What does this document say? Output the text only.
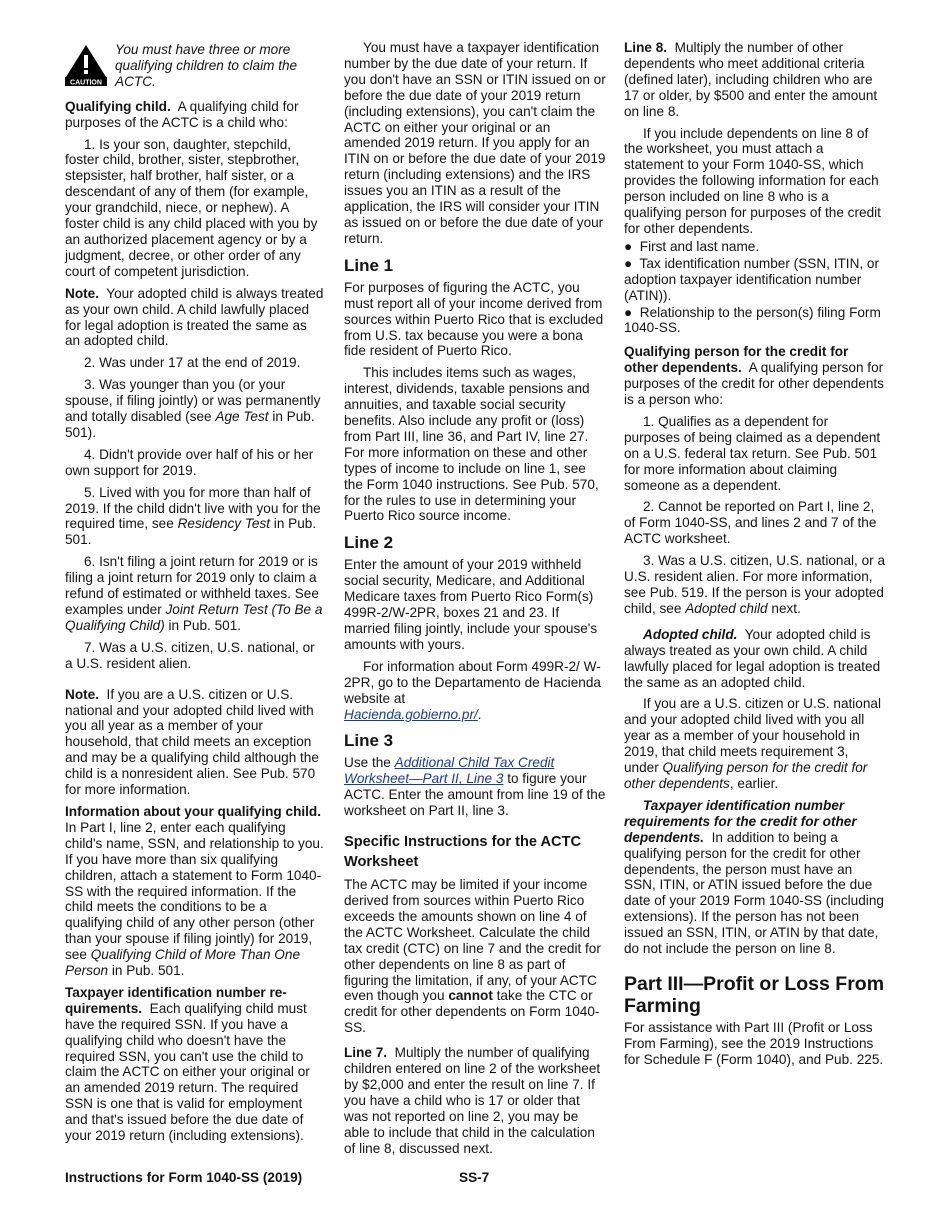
CAUTION
You must have three or more qualifying children to claim the ACTC.

Qualifying child. A qualifying child for purposes of the ACTC is a child who:

1. Is your son, daughter, stepchild, foster child, brother, sister, stepbrother, stepsister, half brother, half sister, or a descendant of any of them (for example, your grandchild, niece, or nephew). A foster child is any child placed with you by an authorized placement agency or by a judgment, decree, or other order of any court of competent jurisdiction.

Note. Your adopted child is always treated as your own child. A child lawfully placed for legal adoption is treated the same as an adopted child.

2. Was under 17 at the end of 2019.

3. Was younger than you (or your spouse, if filing jointly) or was permanently and totally disabled (see Age Test in Pub. 501).

4. Didn't provide over half of his or her own support for 2019.

5. Lived with you for more than half of 2019. If the child didn't live with you for the required time, see Residency Test in Pub. 501.

6. Isn't filing a joint return for 2019 or is filing a joint return for 2019 only to claim a refund of estimated or withheld taxes. See examples under Joint Return Test (To Be a Qualifying Child) in Pub. 501.

7. Was a U.S. citizen, U.S. national, or a U.S. resident alien.

Note. If you are a U.S. citizen or U.S. national and your adopted child lived with you all year as a member of your household, that child meets an exception and may be a qualifying child although the child is a nonresident alien. See Pub. 570 for more information.

Information about your qualifying child.  In Part I, line 2, enter each qualifying child's name, SSN, and relationship to you. If you have more than six qualifying children, attach a statement to Form 1040-SS with the required information. If the child meets the conditions to be a qualifying child of any other person (other than your spouse if filing jointly) for 2019, see Qualifying Child of More Than One Person in Pub. 501.

Taxpayer identification number re-quirements. Each qualifying child must have the required SSN. If you have a qualifying child who doesn't have the required SSN, you can't use the child to claim the ACTC on either your original or an amended 2019 return. The required SSN is one that is valid for employment and that's issued before the due date of your 2019 return (including extensions).

You must have a taxpayer identification number by the due date of your return. If you don't have an SSN or ITIN issued on or before the due date of your 2019 return (including extensions), you can't claim the ACTC on either your original or an amended 2019 return. If you apply for an ITIN on or before the due date of your 2019 return (including extensions) and the IRS issues you an ITIN as a result of the application, the IRS will consider your ITIN as issued on or before the due date of your return.

Line 1

For purposes of figuring the ACTC, you must report all of your income derived from sources within Puerto Rico that is excluded from U.S. tax because you were a bona fide resident of Puerto Rico.

This includes items such as wages, interest, dividends, taxable pensions and annuities, and taxable social security benefits. Also include any profit or (loss) from Part III, line 36, and Part IV, line 27. For more information on these and other types of income to include on line 1, see the Form 1040 instructions. See Pub. 570, for the rules to use in determining your Puerto Rico source income.

Line 2

Enter the amount of your 2019 withheld social security, Medicare, and Additional Medicare taxes from Puerto Rico Form(s) 499R-2/W-2PR, boxes 21 and 23. If married filing jointly, include your spouse's amounts with yours.

For information about Form 499R-2/ W-2PR, go to the Departamento de Hacienda website at
Hacienda.gobierno.pr/.

Line 3

Use the Additional Child Tax Credit Worksheet—Part II, Line 3 to figure your ACTC. Enter the amount from line 19 of the worksheet on Part II, line 3.

Specific Instructions for the ACTC Worksheet

The ACTC may be limited if your income derived from sources within Puerto Rico exceeds the amounts shown on line 4 of the ACTC Worksheet. Calculate the child tax credit (CTC) on line 7 and the credit for other dependents on line 8 as part of figuring the limitation, if any, of your ACTC even though you cannot take the CTC or credit for other dependents on Form 1040-SS.

Line 7. Multiply the number of qualifying children entered on line 2 of the worksheet by $2,000 and enter the result on line 7. If you have a child who is 17 or older that was not reported on line 2, you may be able to include that child in the calculation of line 8, discussed next.

Line 8. Multiply the number of other dependents who meet additional criteria (defined later), including children who are 17 or older, by $500 and enter the amount on line 8.

If you include dependents on line 8 of the worksheet, you must attach a statement to your Form 1040-SS, which provides the following information for each person included on line 8 who is a qualifying person for purposes of the credit for other dependents.

●  First and last name.

●  Tax identification number (SSN, ITIN, or adoption taxpayer identification number (ATIN)).

●  Relationship to the person(s) filing Form 1040-SS.

Qualifying person for the credit for other dependents. A qualifying person for purposes of the credit for other dependents is a person who:

1. Qualifies as a dependent for purposes of being claimed as a dependent on a U.S. federal tax return. See Pub. 501 for more information about claiming someone as a dependent.

2. Cannot be reported on Part I, line 2, of Form 1040-SS, and lines 2 and 7 of the ACTC worksheet.

3. Was a U.S. citizen, U.S. national, or a U.S. resident alien. For more information, see Pub. 519. If the person is your adopted child, see Adopted child next.

Adopted child. Your adopted child is always treated as your own child. A child lawfully placed for legal adoption is treated the same as an adopted child.

If you are a U.S. citizen or U.S. national and your adopted child lived with you all year as a member of your household in 2019, that child meets requirement 3, under Qualifying person for the credit for other dependents, earlier.

Taxpayer identification number requirements for the credit for other dependents. In addition to being a qualifying person for the credit for other dependents, the person must have an SSN, ITIN, or ATIN issued before the due date of your 2019 Form 1040-SS (including extensions). If the person has not been issued an SSN, ITIN, or ATIN by that date, do not include the person on line 8.

Part III—Profit or Loss From Farming

For assistance with Part III (Profit or Loss From Farming), see the 2019 Instructions for Schedule F (Form 1040), and Pub. 225.

Instructions for Form 1040-SS (2019)	SS-7
